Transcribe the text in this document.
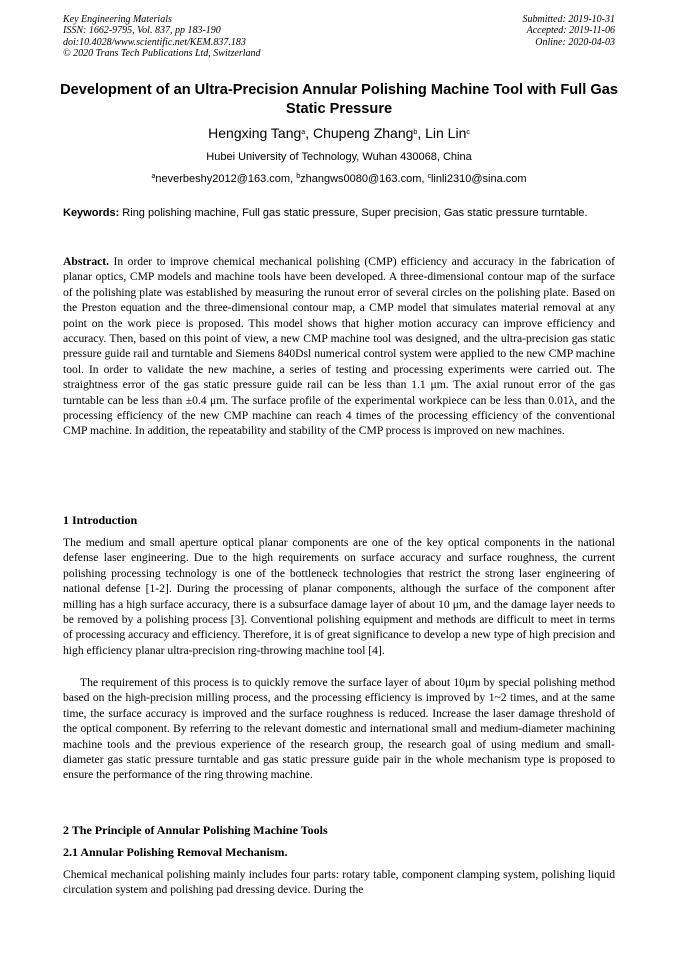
Key Engineering Materials
ISSN: 1662-9795, Vol. 837, pp 183-190
doi:10.4028/www.scientific.net/KEM.837.183
© 2020 Trans Tech Publications Ltd, Switzerland
Submitted: 2019-10-31
Accepted: 2019-11-06
Online: 2020-04-03
Development of an Ultra-Precision Annular Polishing Machine Tool with Full Gas Static Pressure
Hengxing Tang$^a$, Chupeng Zhang$^b$, Lin Lin$^c$
Hubei University of Technology, Wuhan 430068, China
$^a$neverbeshy2012@163.com, $^b$zhangws0080@163.com, $^c$linli2310@sina.com
Keywords: Ring polishing machine, Full gas static pressure, Super precision, Gas static pressure turntable.
Abstract. In order to improve chemical mechanical polishing (CMP) efficiency and accuracy in the fabrication of planar optics, CMP models and machine tools have been developed. A three-dimensional contour map of the surface of the polishing plate was established by measuring the runout error of several circles on the polishing plate. Based on the Preston equation and the three-dimensional contour map, a CMP model that simulates material removal at any point on the work piece is proposed. This model shows that higher motion accuracy can improve efficiency and accuracy. Then, based on this point of view, a new CMP machine tool was designed, and the ultra-precision gas static pressure guide rail and turntable and Siemens 840Dsl numerical control system were applied to the new CMP machine tool. In order to validate the new machine, a series of testing and processing experiments were carried out. The straightness error of the gas static pressure guide rail can be less than 1.1 μm. The axial runout error of the gas turntable can be less than ±0.4 μm. The surface profile of the experimental workpiece can be less than 0.01λ, and the processing efficiency of the new CMP machine can reach 4 times of the processing efficiency of the conventional CMP machine. In addition, the repeatability and stability of the CMP process is improved on new machines.
1 Introduction
The medium and small aperture optical planar components are one of the key optical components in the national defense laser engineering. Due to the high requirements on surface accuracy and surface roughness, the current polishing processing technology is one of the bottleneck technologies that restrict the strong laser engineering of national defense [1-2]. During the processing of planar components, although the surface of the component after milling has a high surface accuracy, there is a subsurface damage layer of about 10 μm, and the damage layer needs to be removed by a polishing process [3]. Conventional polishing equipment and methods are difficult to meet in terms of processing accuracy and efficiency. Therefore, it is of great significance to develop a new type of high precision and high efficiency planar ultra-precision ring-throwing machine tool [4].
The requirement of this process is to quickly remove the surface layer of about 10μm by special polishing method based on the high-precision milling process, and the processing efficiency is improved by 1~2 times, and at the same time, the surface accuracy is improved and the surface roughness is reduced. Increase the laser damage threshold of the optical component. By referring to the relevant domestic and international small and medium-diameter machining machine tools and the previous experience of the research group, the research goal of using medium and small-diameter gas static pressure turntable and gas static pressure guide pair in the whole mechanism type is proposed to ensure the performance of the ring throwing machine.
2 The Principle of Annular Polishing Machine Tools
2.1 Annular Polishing Removal Mechanism.
Chemical mechanical polishing mainly includes four parts: rotary table, component clamping system, polishing liquid circulation system and polishing pad dressing device. During the
